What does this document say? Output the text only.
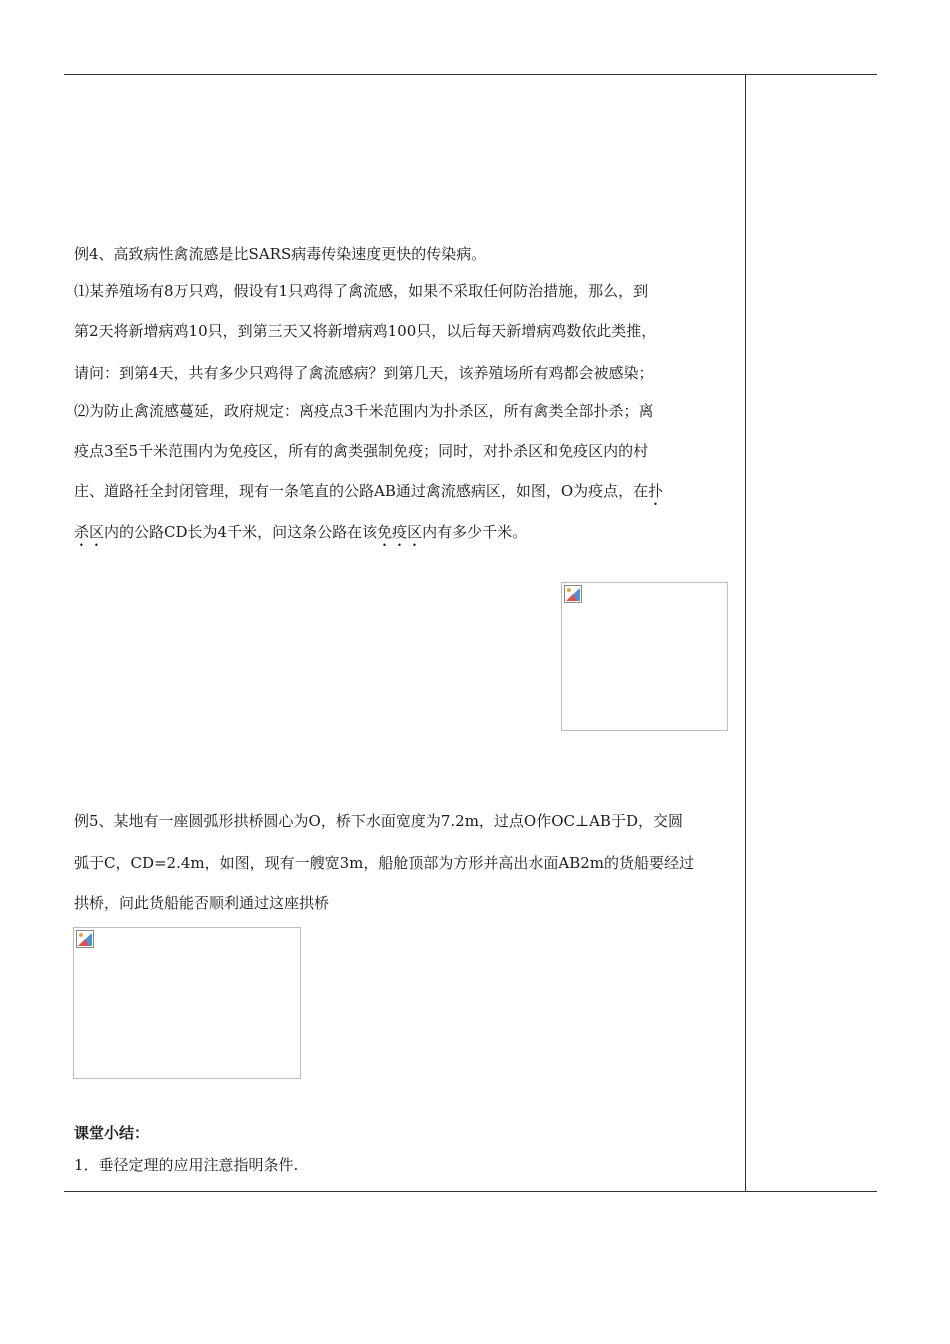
例4、高致病性禽流感是比SARS病毒传染速度更快的传染病。

⑴某养殖场有8万只鸡，假设有1只鸡得了禽流感，如果不采取任何防治措施，那么，到

第2天将新增病鸡10只，到第三天又将新增病鸡100只，以后每天新增病鸡数依此类推，

请问：到第4天，共有多少只鸡得了禽流感病？到第几天，该养殖场所有鸡都会被感染；

⑵为防止禽流感蔓延，政府规定：离疫点3千米范围内为扑杀区，所有禽类全部扑杀；离

疫点3至5千米范围内为免疫区，所有的禽类强制免疫；同时，对扑杀区和免疫区内的村

庄、道路祍全封闭管理，现有一条笔直的公路AB通过禽流感病区，如图，O为疫点，在扑

杀区内的公路CD长为4千米，问这条公路在该免疫区内有多少千米。

例5、某地有一座圆弧形拱桥圆心为O，桥下水面宽度为7.2m，过点O作OC⊥AB于D，交圆

弧于C，CD=2.4m，如图，现有一艘宽3m，船舱顶部为方形并高出水面AB2m的货船要经过

拱桥，问此货船能否顺利通过这座拱桥

课堂小结：

1．垂径定理的应用注意指明条件.
